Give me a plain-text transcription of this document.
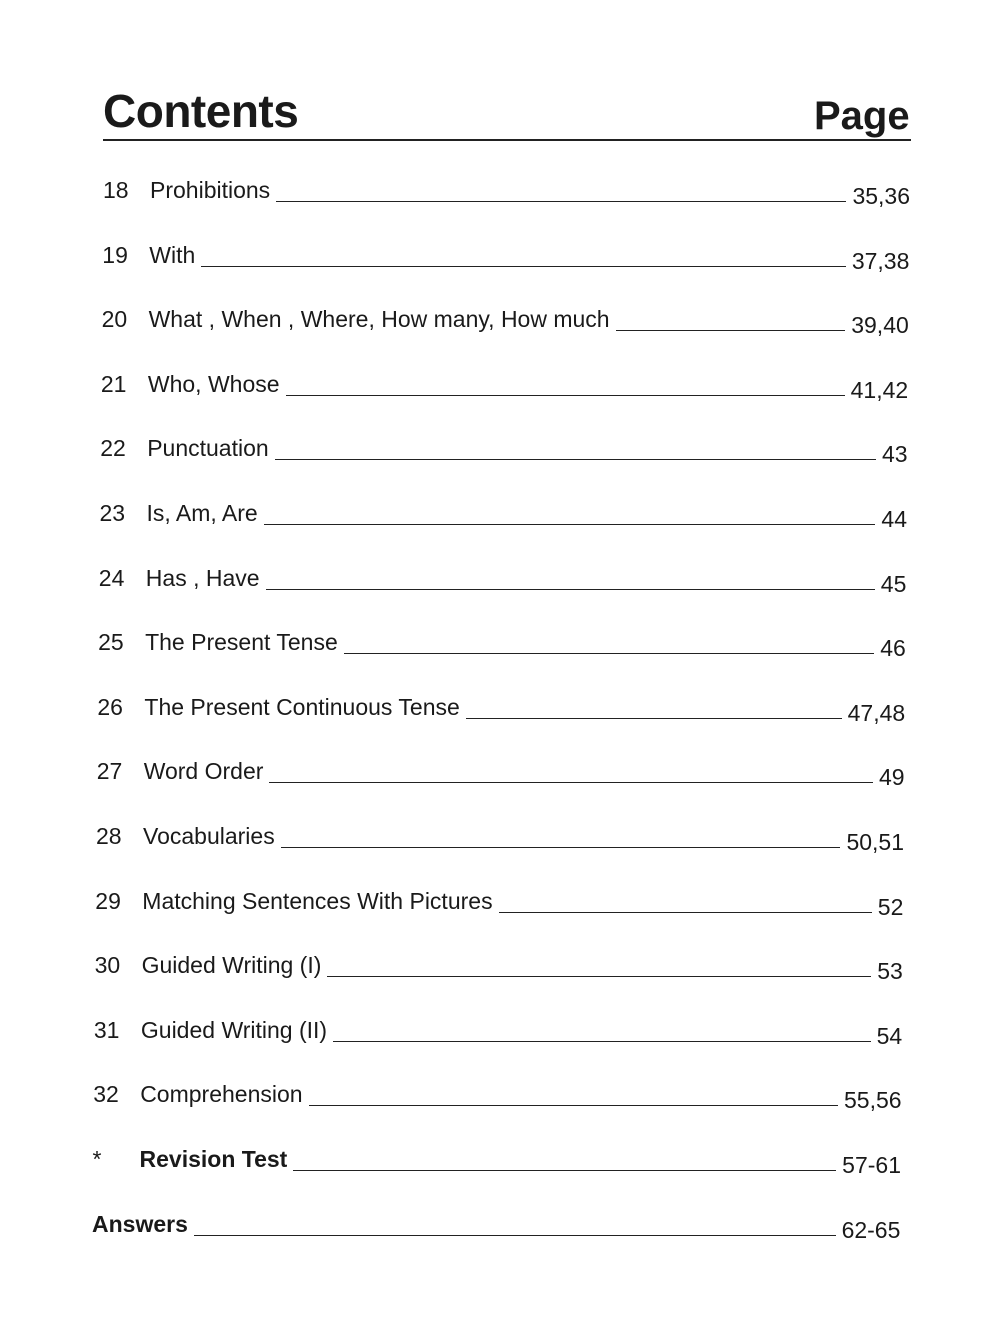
Contents	Page
18 Prohibitions	35,36
19 With	37,38
20 What , When , Where, How many, How much	39,40
21 Who, Whose	41,42
22 Punctuation	43
23 Is, Am, Are	44
24 Has , Have	45
25 The Present Tense	46
26 The Present Continuous Tense	47,48
27 Word Order	49
28 Vocabularies	50,51
29 Matching Sentences With Pictures	52
30 Guided Writing (I)	53
31 Guided Writing (II)	54
32 Comprehension	55,56
*	Revision Test	57-61
Answers	62-65
